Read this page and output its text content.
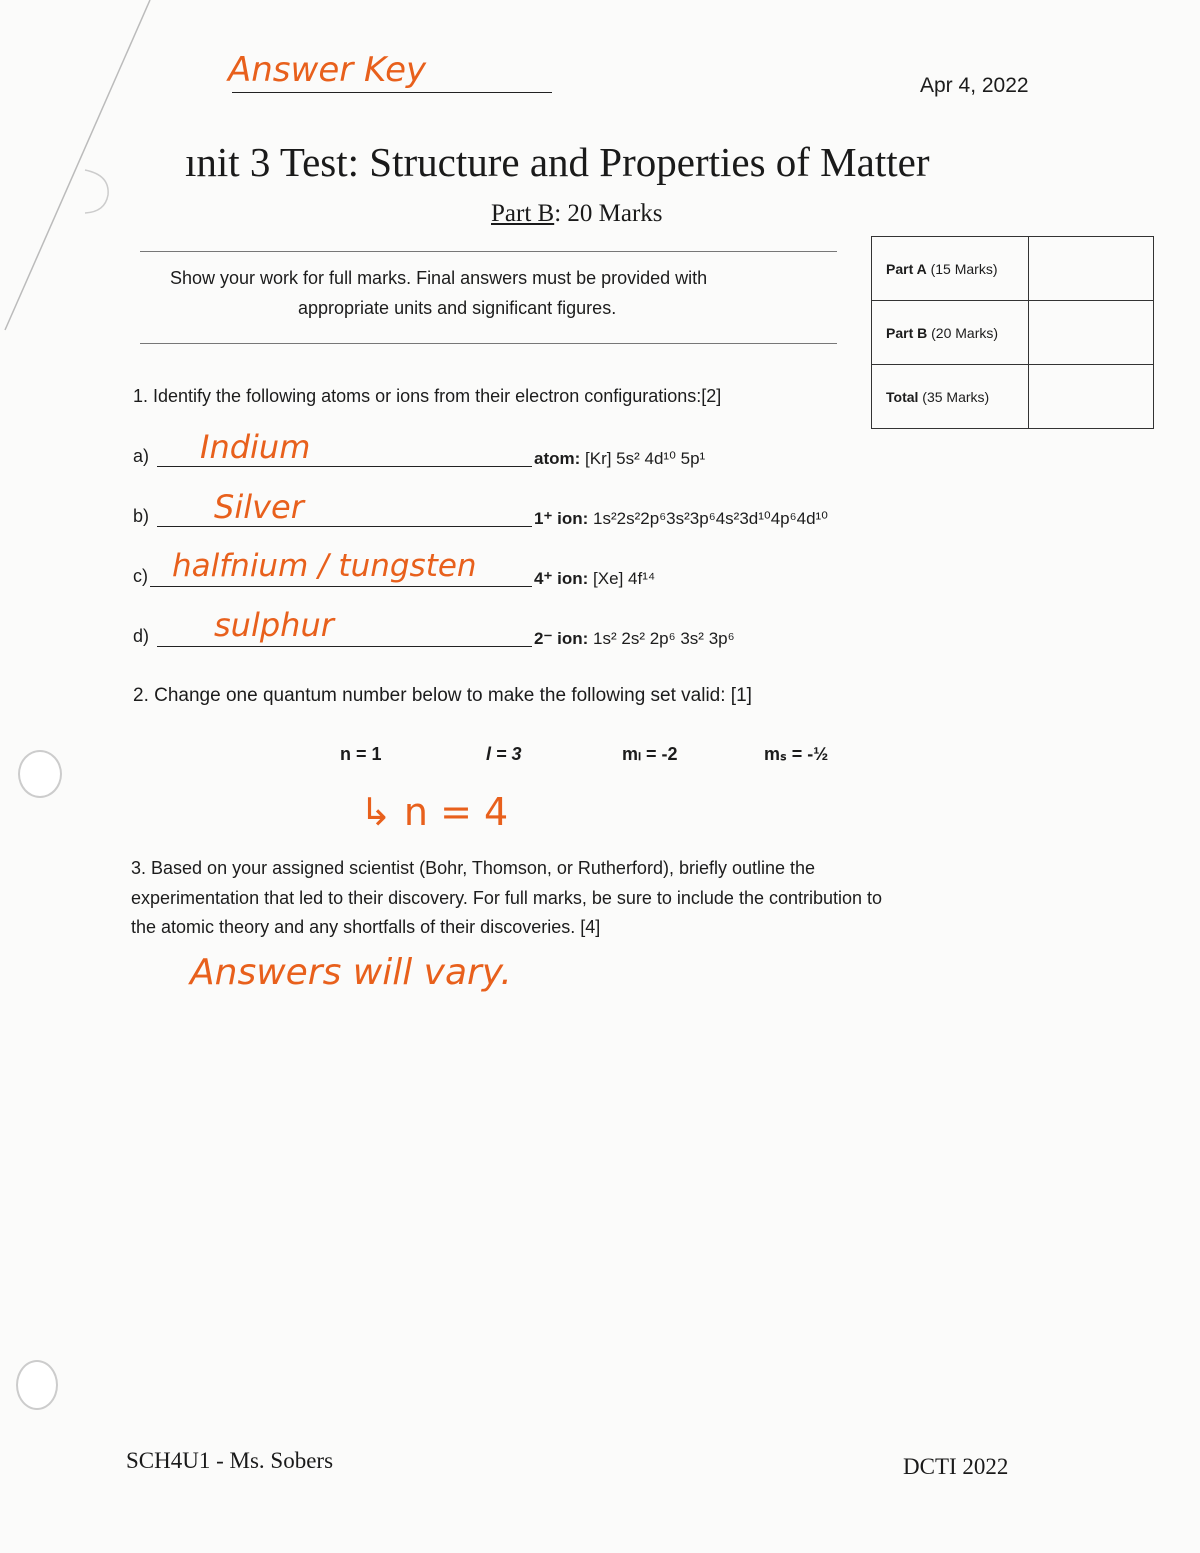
Answer Key	Apr 4, 2022
ınit 3 Test: Structure and Properties of Matter
Part B: 20 Marks
Show your work for full marks. Final answers must be provided with
appropriate units and significant figures.
Part A (15 Marks)	
Part B (20 Marks)	
Total (35 Marks)	
1. Identify the following atoms or ions from their electron configurations:[2]
a) Indium	atom: [Kr] 5s² 4d¹⁰ 5p¹
b) Silver	1⁺ ion: 1s²2s²2p⁶3s²3p⁶4s²3d¹⁰4p⁶4d¹⁰
c) halfnium / tungsten	4⁺ ion: [Xe] 4f¹⁴
d) sulphur	2⁻ ion: 1s² 2s² 2p⁶ 3s² 3p⁶
2. Change one quantum number below to make the following set valid: [1]
n = 1	l = 3	mₗ = -2	mₛ = -½
↳ n = 4
3. Based on your assigned scientist (Bohr, Thomson, or Rutherford), briefly outline the
experimentation that led to their discovery. For full marks, be sure to include the contribution to
the atomic theory and any shortfalls of their discoveries. [4]
Answers will vary.
SCH4U1 - Ms. Sobers	DCTI 2022
